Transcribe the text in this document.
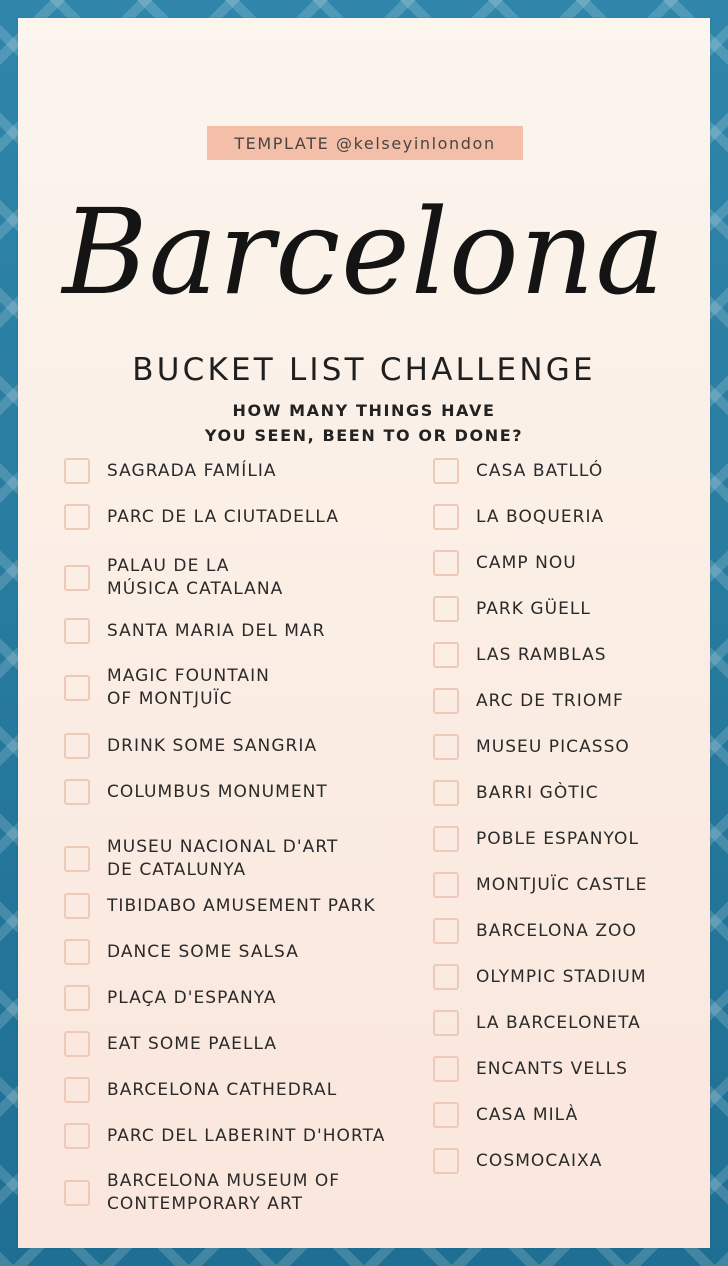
TEMPLATE @kelseyinlondon
Barcelona
BUCKET LIST CHALLENGE
HOW MANY THINGS HAVE
YOU SEEN, BEEN TO OR DONE?
SAGRADA FAMÍLIA
PARC DE LA CIUTADELLA
PALAU DE LA
MÚSICA CATALANA
SANTA MARIA DEL MAR
MAGIC FOUNTAIN
OF MONTJUÏC
DRINK SOME SANGRIA
COLUMBUS MONUMENT
MUSEU NACIONAL D'ART
DE CATALUNYA
TIBIDABO AMUSEMENT PARK
DANCE SOME SALSA
PLAÇA D'ESPANYA
EAT SOME PAELLA
BARCELONA CATHEDRAL
PARC DEL LABERINT D'HORTA
BARCELONA MUSEUM OF
CONTEMPORARY ART
CASA BATLLÓ
LA BOQUERIA
CAMP NOU
PARK GÜELL
LAS RAMBLAS
ARC DE TRIOMF
MUSEU PICASSO
BARRI GÒTIC
POBLE ESPANYOL
MONTJUÏC CASTLE
BARCELONA ZOO
OLYMPIC STADIUM
LA BARCELONETA
ENCANTS VELLS
CASA MILÀ
COSMOCAIXA
